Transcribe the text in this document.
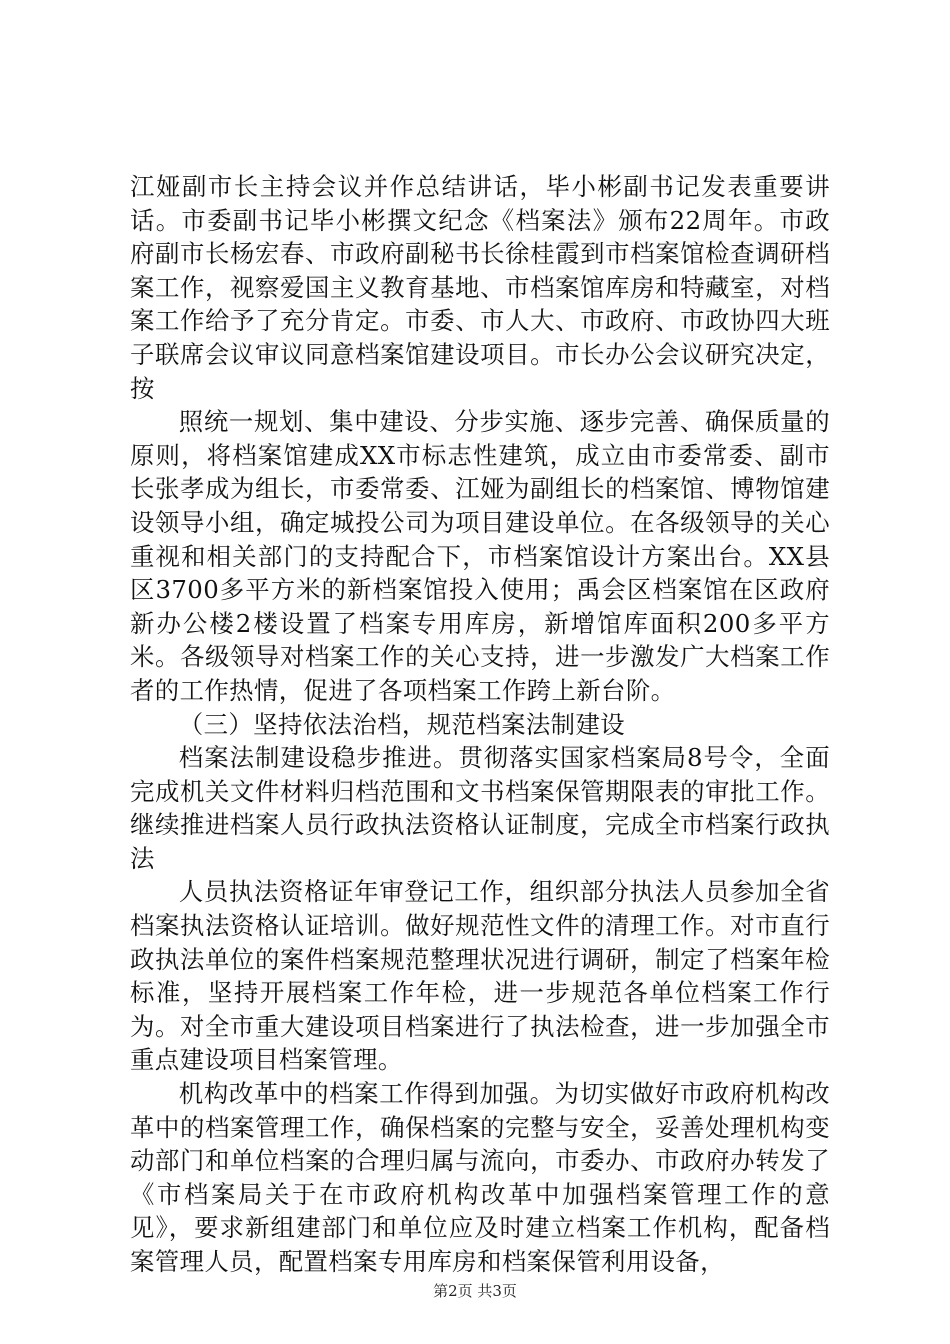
江娅副市长主持会议并作总结讲话，毕小彬副书记发表重要讲话。市委副书记毕小彬撰文纪念《档案法》颁布22周年。市政府副市长杨宏春、市政府副秘书长徐桂霞到市档案馆检查调研档案工作，视察爱国主义教育基地、市档案馆库房和特藏室，对档案工作给予了充分肯定。市委、市人大、市政府、市政协四大班子联席会议审议同意档案馆建设项目。市长办公会议研究决定，按

照统一规划、集中建设、分步实施、逐步完善、确保质量的原则，将档案馆建成XX市标志性建筑，成立由市委常委、副市长张孝成为组长，市委常委、江娅为副组长的档案馆、博物馆建设领导小组，确定城投公司为项目建设单位。在各级领导的关心重视和相关部门的支持配合下，市档案馆设计方案出台。XX县区3700多平方米的新档案馆投入使用；禹会区档案馆在区政府新办公楼2楼设置了档案专用库房，新增馆库面积200多平方米。各级领导对档案工作的关心支持，进一步激发广大档案工作者的工作热情，促进了各项档案工作跨上新台阶。

（三）坚持依法治档，规范档案法制建设

档案法制建设稳步推进。贯彻落实国家档案局8号令，全面完成机关文件材料归档范围和文书档案保管期限表的审批工作。继续推进档案人员行政执法资格认证制度，完成全市档案行政执法

人员执法资格证年审登记工作，组织部分执法人员参加全省档案执法资格认证培训。做好规范性文件的清理工作。对市直行政执法单位的案件档案规范整理状况进行调研，制定了档案年检标准，坚持开展档案工作年检，进一步规范各单位档案工作行为。对全市重大建设项目档案进行了执法检查，进一步加强全市重点建设项目档案管理。

机构改革中的档案工作得到加强。为切实做好市政府机构改革中的档案管理工作，确保档案的完整与安全，妥善处理机构变动部门和单位档案的合理归属与流向，市委办、市政府办转发了《市档案局关于在市政府机构改革中加强档案管理工作的意见》，要求新组建部门和单位应及时建立档案工作机构，配备档案管理人员，配置档案专用库房和档案保管利用设备，

第2页 共3页
